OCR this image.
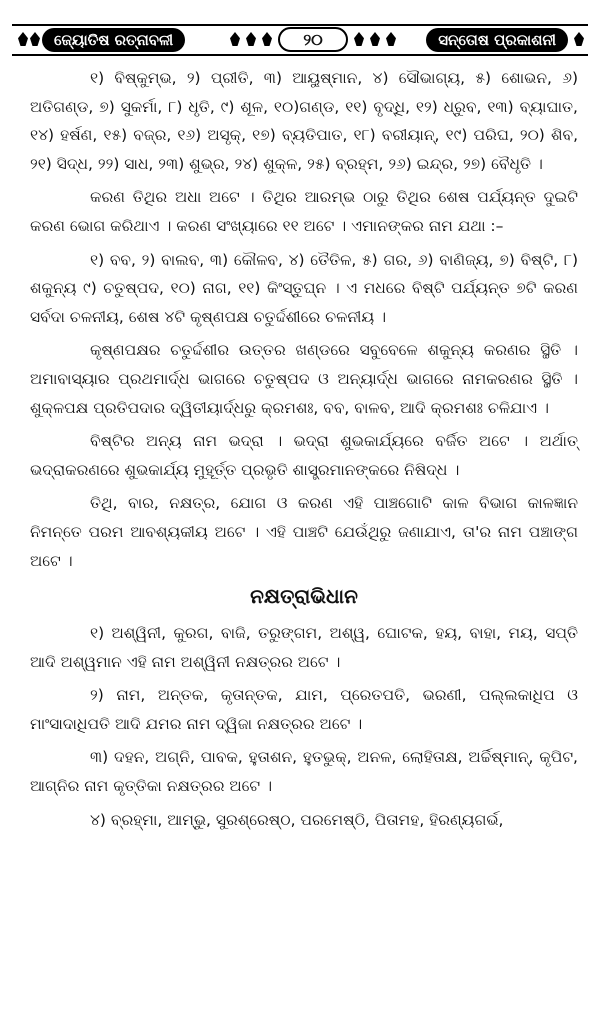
ଜ୍ୟୋତିଷ ରତ୍ନାବଳୀ	୨୦	ସନ୍ତୋଷ ପ୍ରକାଶନୀ

୧) ବିଷ୍କୁମ୍ଭ, ୨) ପ୍ରୀତି, ୩) ଆୟୁଷ୍ମାନ, ୪) ସୌଭାଗ୍ୟ, ୫) ଶୋଭନ, ୬) ଅତିଗଣ୍ଡ, ୭) ସୁକର୍ମା, ୮) ଧୃତି, ୯) ଶୂଳ, ୧୦)ଗଣ୍ଡ, ୧୧) ବୃଦ୍ଧି, ୧୨) ଧ୍ରୁବ, ୧୩) ବ୍ୟାଘାତ, ୧୪) ହର୍ଷଣ, ୧୫) ବଜ୍ର, ୧୬) ଅସୃକ୍, ୧୭) ବ୍ୟତିପାତ, ୧୮) ବରୀୟାନ୍, ୧୯) ପରିଘ, ୨୦) ଶିବ, ୨୧) ସିଦ୍ଧ, ୨୨) ସାଧ, ୨୩) ଶୁଭ୍ର, ୨୪) ଶୁକ୍ଳ, ୨୫) ବ୍ରହ୍ମ, ୨୬) ଇନ୍ଦ୍ର, ୨୭) ବୈଧୃତି ।

କରଣ ତିଥିର ଅଧା ଅଟେ । ତିଥିର ଆରମ୍ଭ ଠାରୁ ତିଥିର ଶେଷ ପର୍ଯ୍ୟନ୍ତ ଦୁଇଟି କରଣ ଭୋଗ କରିଥାଏ । କରଣ ସଂଖ୍ୟାରେ ୧୧ ଅଟେ । ଏମାନଙ୍କର ନାମ ଯଥା :–

୧) ବବ, ୨) ବାଲବ, ୩) କୌଳବ, ୪) ତୈତିଳ, ୫) ଗର, ୬) ବାଣିଜ୍ୟ, ୭) ବିଷ୍ଟି, ୮) ଶକୁନ୍ୟ ୯) ଚତୁଷ୍ପଦ, ୧୦) ନାଗ, ୧୧) କିଂସ୍ତୁଘ୍ନ । ଏ ମଧରେ ବିଷ୍ଟି ପର୍ଯ୍ୟନ୍ତ ୭ଟି କରଣ ସର୍ବଦା ଚଳନୀୟ, ଶେଷ ୪ଟି କୃଷ୍ଣପକ୍ଷ ଚତୁର୍ଦ୍ଦଶୀରେ ଚଳନୀୟ ।

କୃଷ୍ଣପକ୍ଷର ଚତୁର୍ଦ୍ଦଶୀର ଉତ୍ତର ଖଣ୍ଡରେ ସବୁବେଳେ ଶକୁନ୍ୟ କରଣର ସ୍ଥିତି । ଅମାବାସ୍ୟାର ପ୍ରଥମାର୍ଦ୍ଧ ଭାଗରେ ଚତୁଷ୍ପଦ ଓ ଅନ୍ୟାର୍ଦ୍ଧ ଭାଗରେ ନାମକରଣର ସ୍ଥିତି । ଶୁକ୍ଳପକ୍ଷ ପ୍ରତିପଦାର ଦ୍ୱିତୀୟାର୍ଦ୍ଧରୁ କ୍ରମଶଃ, ବବ, ବାଳବ, ଆଦି କ୍ରମଶଃ ଚଳିଯାଏ ।

ବିଷ୍ଟିର ଅନ୍ୟ ନାମ ଭଦ୍ରା । ଭଦ୍ରା ଶୁଭକାର୍ଯ୍ୟରେ ବର୍ଜିତ ଅଟେ । ଅର୍ଥାତ୍ ଭଦ୍ରାକରଣରେ ଶୁଭକାର୍ଯ୍ୟ ମୁହୂର୍ତ୍ତ ପ୍ରଭୃତି ଶାସ୍ତ୍ରମାନଙ୍କରେ ନିଷିଦ୍ଧ ।

ତିଥି, ବାର, ନକ୍ଷତ୍ର, ଯୋଗ ଓ କରଣ ଏହି ପାଞ୍ଚଗୋଟି କାଳ ବିଭାଗ କାଳଜ୍ଞାନ ନିମନ୍ତେ ପରମ ଆବଶ୍ୟକୀୟ ଅଟେ । ଏହି ପାଞ୍ଚଟି ଯେଉଁଥିରୁ ଜଣାଯାଏ, ତା'ର ନାମ ପଞ୍ଚାଙ୍ଗ ଅଟେ ।

ନକ୍ଷତ୍ରାଭିଧାନ

୧) ଅଶ୍ୱିନୀ, କୁରଗ, ବାଜି, ତରୁଙ୍ଗମ, ଅଶ୍ୱ, ଘୋଟକ, ହୟ, ବାହା, ମୟ, ସପ୍ତି ଆଦି ଅଶ୍ୱମାନ ଏହି ନାମ ଅଶ୍ୱିନୀ ନକ୍ଷତ୍ରର ଅଟେ ।

୨) ନାମ, ଅନ୍ତକ, କୃତାନ୍ତକ, ଯାମ, ପ୍ରେତପତି, ଭରଣୀ, ପଲ୍ଲକାଧିପ ଓ ମାଂସାଦାଧିପତି ଆଦି ଯମର ନାମ ଦ୍ୱିଜା ନକ୍ଷତ୍ରର ଅଟେ ।

୩) ଦହନ, ଅଗ୍ନି, ପାବକ, ହୁତାଶନ, ହୁତଭୁକ୍, ଅନଳ, ଲୋହିତାକ୍ଷ, ଅର୍ଚ୍ଚିଷ୍ମାନ୍, କୃପିଟ, ଆଗ୍ନିର ନାମ କୃତ୍ତିକା ନକ୍ଷତ୍ରର ଅଟେ ।

୪) ବ୍ରହ୍ମା, ଆମ୍ଭୁ, ସୁରଶ୍ରେଷ୍ଠ, ପରମେଷ୍ଠି, ପିତାମହ, ହିରଣ୍ୟଗର୍ଭ,
